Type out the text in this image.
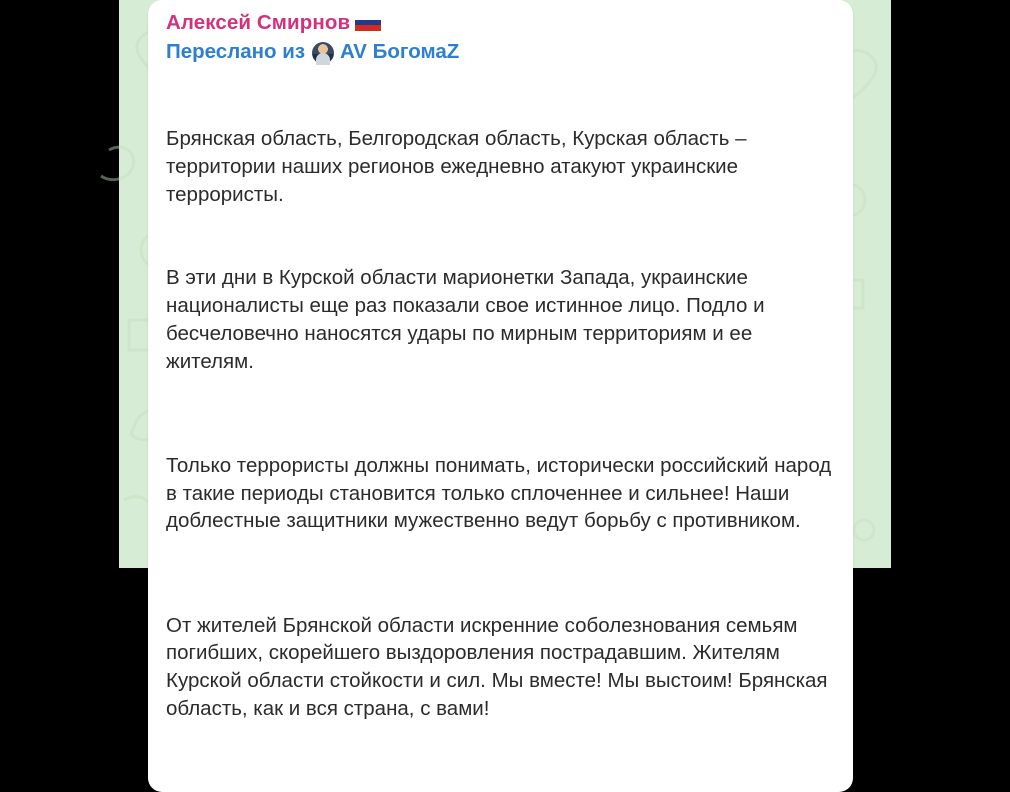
Алексей Смирнов
Переслано из AV БогомаZ

Брянская область, Белгородская область, Курская область – территории наших регионов ежедневно атакуют украинские террористы.

В эти дни в Курской области марионетки Запада, украинские националисты еще раз показали свое истинное лицо. Подло и бесчеловечно наносятся удары по мирным территориям и ее жителям.

Только террористы должны понимать, исторически российский народ в такие периоды становится только сплоченнее и сильнее! Наши доблестные защитники мужественно ведут борьбу с противником.

От жителей Брянской области искренние соболезнования семьям погибших, скорейшего выздоровления пострадавшим. Жителям Курской области стойкости и сил. Мы вместе! Мы выстоим! Брянская область, как и вся страна, с вами!
